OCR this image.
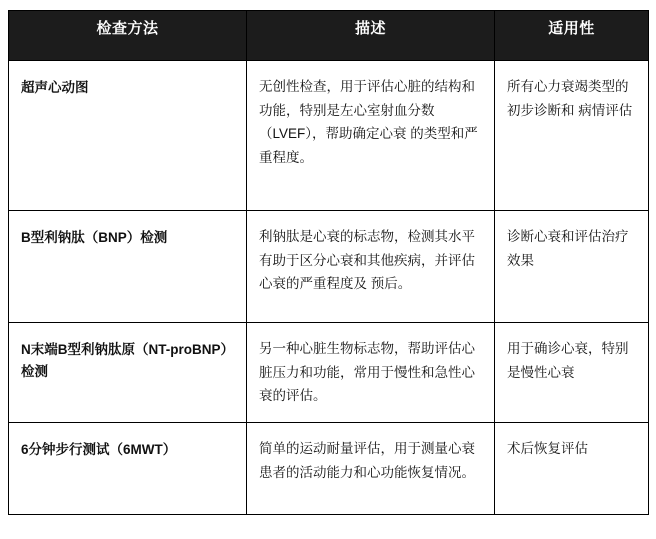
检查方法	描述	适用性
超声心动图	无创性检查，用于评估心脏的结构和功能，特别是左心室射血分数（LVEF），帮助确定心衰 的类型和严重程度。	所有心力衰竭类型的初步诊断和 病情评估
B型利钠肽（BNP）检测	利钠肽是心衰的标志物，检测其水平有助于区分心衰和其他疾病，并评估心衰的严重程度及 预后。	诊断心衰和评估治疗效果
N末端B型利钠肽原（NT-proBNP）检测	另一种心脏生物标志物，帮助评估心脏压力和功能，常用于慢性和急性心衰的评估。	用于确诊心衰，特别是慢性心衰
6分钟步行测试（6MWT）	简单的运动耐量评估，用于测量心衰患者的活动能力和心功能恢复情况。	术后恢复评估
